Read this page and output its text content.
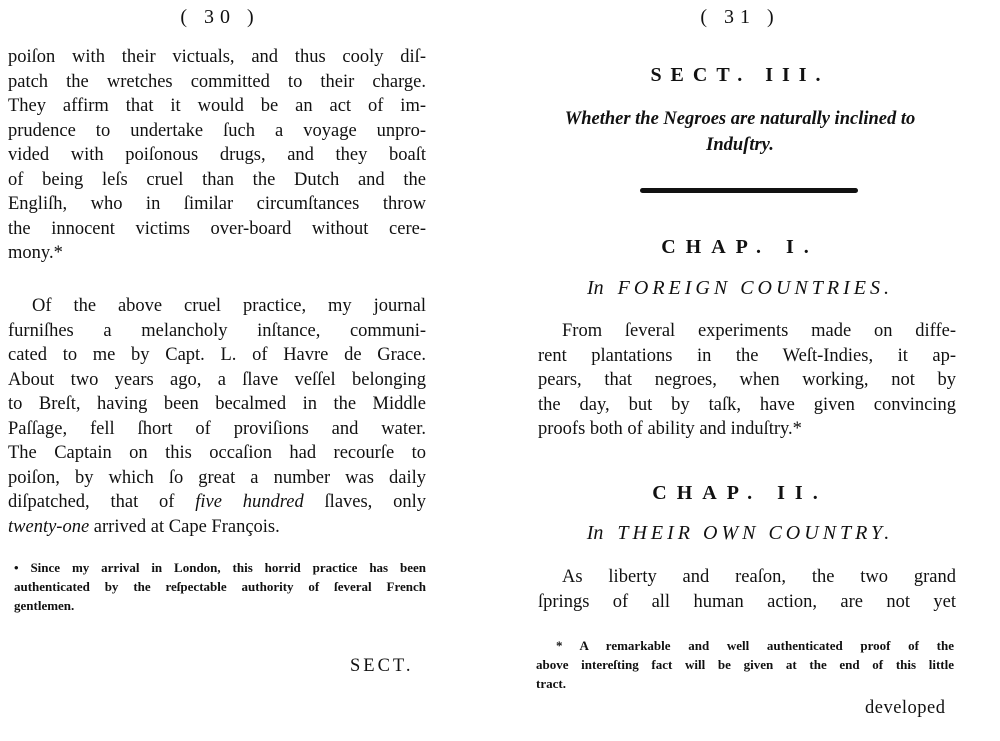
( 30 )
poiſon with their victuals, and thus cooly diſ-
patch the wretches committed to their charge.
They affirm that it would be an act of im-
prudence to undertake ſuch a voyage unpro-
vided with poiſonous drugs, and they boaſt
of being leſs cruel than the Dutch and the
Engliſh, who in ſimilar circumſtances throw
the innocent victims over-board without cere-
mony.*
Of the above cruel practice, my journal
furniſhes a melancholy inſtance, communi-
cated to me by Capt. L. of Havre de Grace.
About two years ago, a ſlave veſſel belonging
to Breſt, having been becalmed in the Middle
Paſſage, fell ſhort of proviſions and water.
The Captain on this occaſion had recourſe to
poiſon, by which ſo great a number was daily
diſpatched, that of five hundred ſlaves, only
twenty-one arrived at Cape François.
• Since my arrival in London, this horrid practice has been
authenticated by the reſpectable authority of ſeveral French
gentlemen.
SECT.
( 31 )
SECT. III.
Whether the Negroes are naturally inclined to
Induſtry.
CHAP. I.
In FOREIGN COUNTRIES.
From ſeveral experiments made on diffe-
rent plantations in the Weſt-Indies, it ap-
pears, that negroes, when working, not by
the day, but by taſk, have given convincing
proofs both of ability and induſtry.*
CHAP. II.
In THEIR OWN COUNTRY.
As liberty and reaſon, the two grand
ſprings of all human action, are not yet
* A remarkable and well authenticated proof of the
above intereſting fact will be given at the end of this little
tract.
developed
